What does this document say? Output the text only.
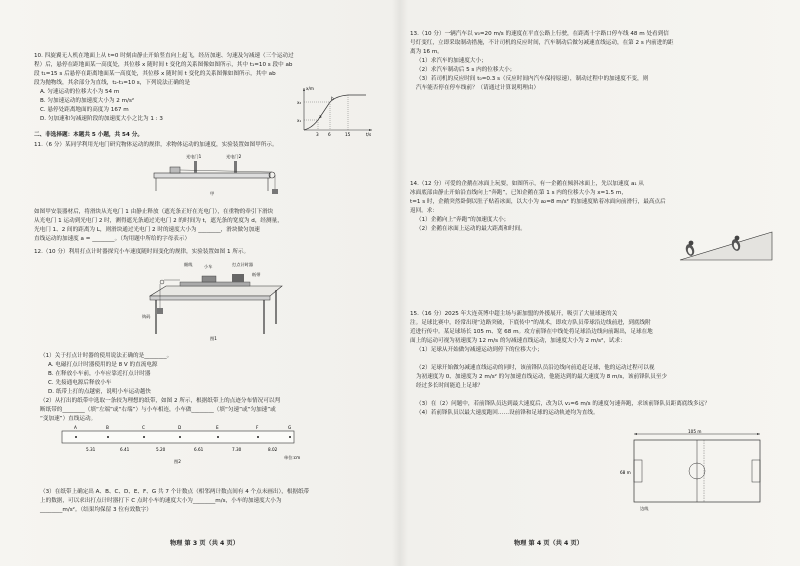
10. 四旋翼无人机在地面上从 t=0 时刻由静止开始竖直向上起飞，经历加速、匀速及匀减速（三个运动过
程）后，悬停在距地面某一高度处，其位移 x 随时间 t 变化的关系图像如图所示，其中 t₁=10 s 段中 ab
段 t₁=15 s 后悬停在距离地面某一高度处，其位移 x 随时间 t 变化的关系图像如图所示，其中 ab
段为抛物线，其余部分为直线，t₂-t₁=10 s，下列说法正确的是
A. 匀速运动的位移大小为 54 m
B. 匀加速运动的加速度大小为 2 m/s²
C. 悬停处距离地面的高度为 167 m
D. 匀加速和匀减速阶段的加速度大小之比为 1 : 3
x/m
t/s
3 6	15
x₁
x₂
a
b
二、非选择题：本题共 5 小题，共 54 分。
11.（6 分）某同学利用光电门研究物体运动的规律，求物体运动的加速度，实验装置如图甲所示。
光电门1	光电门2
甲
如图甲安装器材后，将滑块从光电门 1 由静止释放（遮光条正好在光电门），在重物的牵引下滑块
从光电门 1 运动到光电门 2 时，测得遮光条通过光电门 2 的时间为 t，遮光条的宽度为 d，经测量，
光电门 1、2 间的距离为 L，则滑块通过光电门 2 时的速度大小为 ________，滑块做匀加速
直线运动的加速度 a = ________。（均用题中所给的字母表示）
12.（10 分）利用打点计时器探究小车速度随时间变化的规律，实验装置如图 1 所示。
细线	小车	打点计时器
纸带
钩码
图1
（1）关于打点计时器的使用说法正确的是________。
A. 电磁打点计时器使用的是 8 V 的直流电源
B. 在释放小车前，小车应靠近打点计时器
C. 先接通电源后释放小车
D. 纸带上打的点越密，说明小车运动越快
（2）从打出的纸带中选取一条较为理想的纸带，如图 2 所示，根据纸带上的点迹分布情况可以判
断纸带的________（填“左端”或“右端”）与小车相连，小车做________（填“匀速”或“匀加速”或
“变加速”）直线运动。
A	B	C	D	E	F	G
5.31	6.41	5.20	6.61	7.30	8.02
单位:cm
图2
（3）在纸带上确定出 A、B、C、D、E、F、G 共 7 个计数点（相邻两计数点间有 4 个点未画出），根据纸带
上的数据，可以求出打点计时器打下 C 点时小车的速度大小为________m/s，小车的加速度大小为
________m/s²。（结果均保留 3 位有效数字）
物理 第 3 页（共 4 页）
13.（10 分）一辆汽车以 v₀=20 m/s 的速度在平直公路上行驶，在距离十字路口停车线 48 m 处看到信
号灯变红，立即采取制动措施，不计司机的反应时间，汽车制动后做匀减速直线运动，在第 2 s 内前进的距
离为 16 m。
（1）求汽车的加速度大小；
（2）求汽车制动后 5 s 内的位移大小；
（3）若司机的反应时间 t₀=0.3 s（反应时间内汽车保持原速），制动过程中的加速度不变，则
汽车能否停在停车线前？（请通过计算说明理由）
14.（12 分）可爱的企鹅在冰面上玩耍，如图所示，有一企鹅在倾斜冰面上，先以加速度 a₁ 从
冰面底部由静止开始沿直线向上“奔跑”，已知企鹅在第 1 s 内的位移大小为 x=1.5 m，
t=1 s 时，企鹅突然卧倒以肚子贴着冰面，以大小为 a₂=8 m/s² 的加速度贴着冰面向前滑行，最高点后
返回。求：
（1）企鹅向上“奔跑”的加速度大小；
（2）企鹅在冰面上运动的最大距离和时间。
15.（16 分）2025 年大连英博中超主场与新加盟的外援展开，吸引了大量球迷的关
注。足球比赛中，经常出现“边路突破，下底传中”的战术，即攻方队员带球沿边线前进，到底线附
近进行传中。某足球场长 105 m、宽 68 m。攻方前锋在中线处将足球沿边线向前踢出，足球在地
面上的运动可视为初速度为 12 m/s 的匀减速直线运动，加速度大小为 2 m/s²，试求：
（1）足球从开始做匀减速运动到停下的位移大小；
（2）足球开始做匀减速直线运动的同时，该前锋队员沿边线向前追赶足球，他的运动过程可以视
为初速度为 0、加速度为 2 m/s² 的匀加速直线运动，他能达到的最大速度为 8 m/s，该前锋队员至少
经过多长时间能追上足球？
（3）在（2）问题中，若前锋队员达到最大速度后，改为以 v₁=6 m/s 的速度匀速奔跑，求该前锋队员距离底线多远？
（4）若前锋队员以最大速度跑回……设前锋和足球的运动轨迹均为直线。
105 m
68 m
边线
物理 第 4 页（共 4 页）
